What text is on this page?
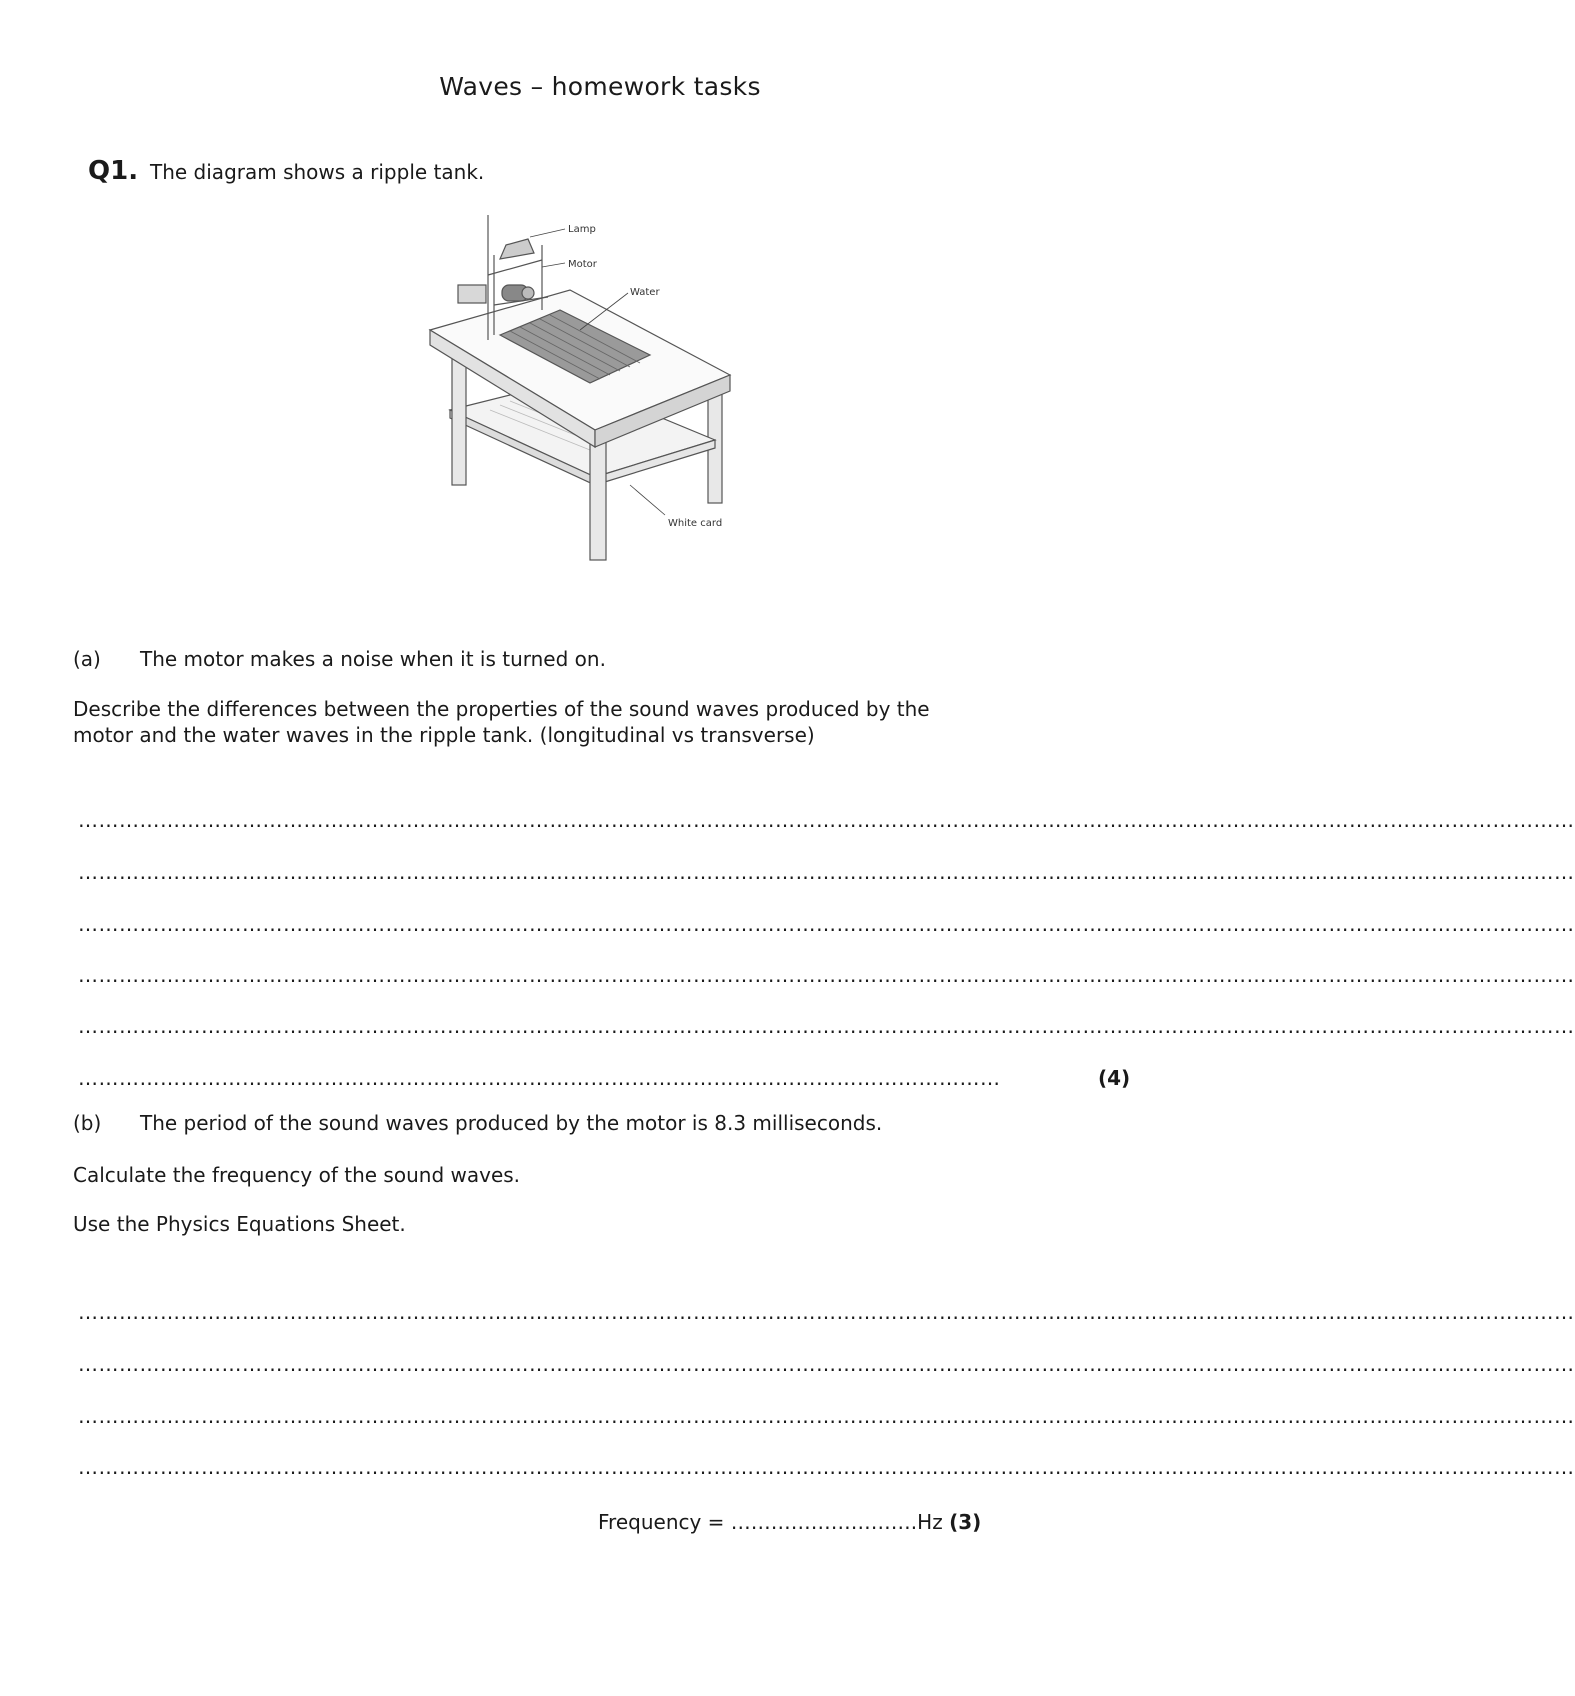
Waves – homework tasks
Q1. The diagram shows a ripple tank.
Lamp
Motor
Water
White card
(a) The motor makes a noise when it is turned on.
Describe the differences between the properties of the sound waves produced by the
motor and the water waves in the ripple tank. (longitudinal vs transverse)
…………………………………………………………………………………………………………………………………………………………………………………………………
…………………………………………………………………………………………………………………………………………………………………………………………………
…………………………………………………………………………………………………………………………………………………………………………………………………
…………………………………………………………………………………………………………………………………………………………………………………………………
…………………………………………………………………………………………………………………………………………………………………………………………………
………………………………………………………………………………………………………………………	(4)
(b) The period of the sound waves produced by the motor is 8.3 milliseconds.
Calculate the frequency of the sound waves.
Use the Physics Equations Sheet.
…………………………………………………………………………………………………………………………………………………………………………………………………
…………………………………………………………………………………………………………………………………………………………………………………………………
…………………………………………………………………………………………………………………………………………………………………………………………………
…………………………………………………………………………………………………………………………………………………………………………………………………
Frequency = ……………………….Hz (3)
